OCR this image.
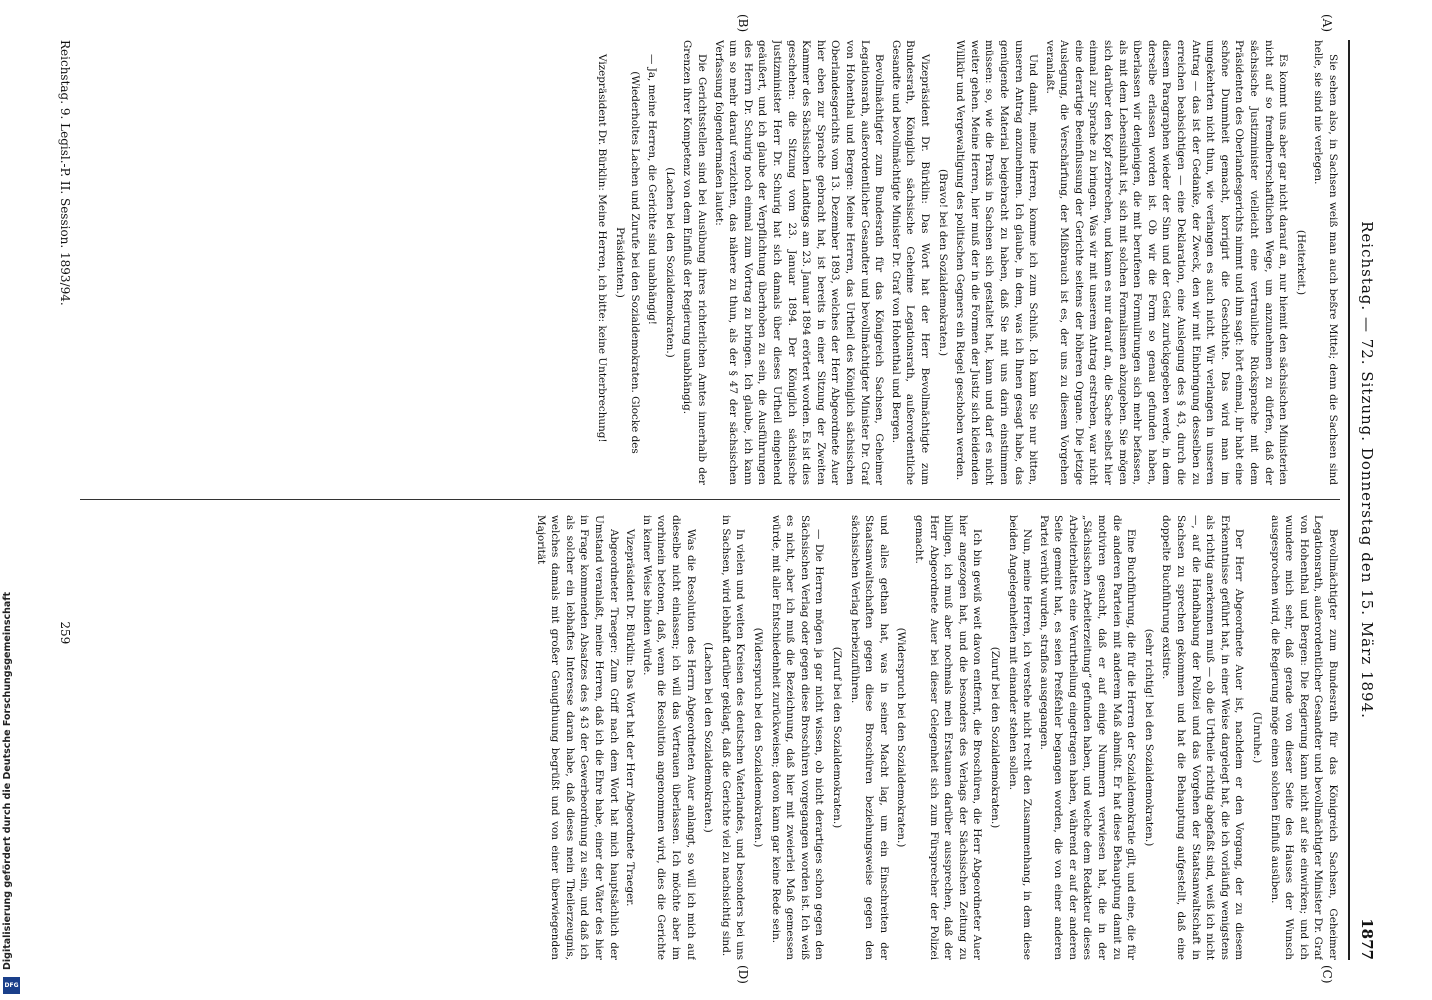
Reichstag. — 72. Sitzung. Donnerstag den 15. März 1894.
1877
(A)
(B)
(C)
(D)

Sie sehen also, in Sachsen weiß man auch beßre Mittel; denn die Sachsen sind helle, sie sind nie verlegen.

(Heiterkeit.)

Es kommt uns aber gar nicht darauf an, nur hiemit den sächsischen Ministerien nicht auf so fremdherrschaftlichen Wege, um anzunehmen zu dürfen, daß der sächsische Justizminister vielleicht eine vertrauliche Rücksprache mit dem Präsidenten des Oberlandesgerichts nimmt und ihm sagt: hört einmal, ihr habt eine schöne Dummheit gemacht, korrigirt die Geschichte. Das wird man im umgekehrten nicht thun, wie verlangen es auch nicht. Wir verlangen in unseren Antrag — das ist der Gedanke, der Zweck, den wir mit Einbringung desselben zu erreichen beabsichtigen — eine Deklaration, eine Auslegung des § 43, durch die diesem Paragraphen wieder der Sinn und der Geist zurückgegeben werde, in dem derselbe erlassen worden ist. Ob wir die Form so genau gefunden haben, überlassen wir denjenigen, die mit berufenen Formulirungen sich mehr befassen, als mit dem Lebensinhalt ist, sich mit solchen Formalismen abzugeben. Sie mögen sich darüber den Kopf zerbrechen, und kann es nur darauf an, die Sache selbst hier einmal zur Sprache zu bringen. Was wir mit unserem Antrag erstreben, war nicht eine derartige Beeinflussung der Gerichte seitens der höheren Organe. Die jetzige Auslegung, die Verschärfung, der Mißbrauch ist es, der uns zu diesem Vorgehen veranlaßt.

Und damit, meine Herren, komme ich zum Schluß. Ich kann Sie nur bitten, unseren Antrag anzunehmen. Ich glaube, in dem, was ich Ihnen gesagt habe, das genügende Material beigebracht zu haben, daß Sie mit uns darin einstimmen müssen: so, wie die Praxis in Sachsen sich gestaltet hat, kann und darf es nicht weiter gehen. Meine Herren, hier muß der in die Formen der Justiz sich kleidenden Willkür und Vergewaltigung des politischen Gegners ein Riegel geschoben werden.

(Bravo! bei den Sozialdemokraten.)

Vizepräsident Dr. Bürklin: Das Wort hat der Herr Bevollmächtigte zum Bundesrath, Königlich sächsische Geheime Legationsrath, außerordentliche Gesandte und bevollmächtigte Minister Dr. Graf von Hohenthal und Bergen.

Bevollmächtigter zum Bundesrath für das Königreich Sachsen, Geheimer Legationsrath, außerordentlicher Gesandter und bevollmächtigter Minister Dr. Graf von Hohenthal und Bergen: Meine Herren, das Urtheil des Königlich sächsischen Oberlandesgerichts vom 13. Dezember 1893, welches der Herr Abgeordnete Auer hier eben zur Sprache gebracht hat, ist bereits in einer Sitzung der Zweiten Kammer des Sächsischen Landtags am 23. Januar 1894 erörtert worden. Es ist dies geschehen: die Sitzung vom 23. Januar 1894. Der Königlich sächsische Justizminister Herr Dr. Schurig hat sich damals über dieses Urtheil eingehend geäußert, und ich glaube der Verpflichtung überhoben zu sein, die Ausführungen des Herrn Dr. Schurig noch einmal zum Vortrag zu bringen. Ich glaube, ich kann um so mehr darauf verzichten, das nähere zu thun, als der § 47 der sächsischen Verfassung folgendermaßen lautet:

Die Gerichtsstellen sind bei Ausübung ihres richterlichen Amtes innerhalb der Grenzen ihrer Kompetenz von dem Einfluß der Regierung unabhängig.

(Lachen bei den Sozialdemokraten.)

— Ja, meine Herren, die Gerichte sind unabhängig!

(Wiederholtes Lachen und Zurufe bei den Sozialdemokraten. Glocke des Präsidenten.)

Vizepräsident Dr. Bürklin: Meine Herren, ich bitte: keine Unterbrechung!

Bevollmächtigter zum Bundesrath für das Königreich Sachsen, Geheimer Legationsrath, außerordentlicher Gesandter und bevollmächtigter Minister Dr. Graf von Hohenthal und Bergen: Die Regierung kann nicht auf sie einwirken; und ich wundere mich sehr, daß gerade von dieser Seite des Hauses der Wunsch ausgesprochen wird, die Regierung möge einen solchen Einfluß ausüben.

(Unruhe.)

Der Herr Abgeordnete Auer ist, nachdem er den Vorgang, der zu diesem Erkenntnisse geführt hat, in einer Weise dargelegt hat, die ich vorläufig wenigstens als richtig anerkennen muß — ob die Urtheile richtig abgefaßt sind, weiß ich nicht —, auf die Handhabung der Polizei und das Vorgehen der Staatsanwaltschaft in Sachsen zu sprechen gekommen und hat die Behauptung aufgestellt, daß eine doppelte Buchführung existire.

(sehr richtig! bei den Sozialdemokraten.)

Eine Buchführung, die für die Herren der Sozialdemokratie gilt, und eine, die für die anderen Parteien mit anderem Maß abmißt. Er hat diese Behauptung damit zu motiviren gesucht, daß er auf einige Nummern verwiesen hat, die in der „Sächsischen Arbeiterzeitung“ gefunden haben, und welche dem Redakteur dieses Arbeiterblattes eine Verurtheilung eingetragen haben, während er auf der anderen Seite gemeint hat, es seien Preßfehler begangen worden, die von einer anderen Partei verübt wurden, straflos ausgegangen.

Nun, meine Herren, ich verstehe nicht recht den Zusammenhang, in dem diese beiden Angelegenheiten mit einander stehen sollen.

(Zuruf bei den Sozialdemokraten.)

Ich bin gewiß weit davon entfernt, die Broschüren, die Herr Abgeordneter Auer hier angezogen hat, und die besonders des Verlags der Sächsischen Zeitung zu billigen, ich muß aber nochmals mein Erstaunen darüber aussprechen, daß der Herr Abgeordnete Auer bei dieser Gelegenheit sich zum Fürsprecher der Polizei gemacht.

(Widerspruch bei den Sozialdemokraten.)

und alles gethan hat, was in seiner Macht lag, um ein Einschreiten der Staatsanwaltschaften gegen diese Broschüren beziehungsweise gegen den sächsischen Verlag herbeizuführen.

(Zuruf bei den Sozialdemokraten.)

— Die Herren mögen ja gar nicht wissen, ob nicht derartiges schon gegen den Sächsischen Verlag oder gegen diese Broschüren vorgegangen worden ist. Ich weiß es nicht, aber ich muß die Bezeichnung, daß hier mit zweierlei Maß gemessen würde, mit aller Entschiedenheit zurückweisen; davon kann gar keine Rede sein.

(Widerspruch bei den Sozialdemokraten.)

In vielen und weiten Kreisen des deutschen Vaterlandes, und besonders bei uns in Sachsen, wird lebhaft darüber geklagt, daß die Gerichte viel zu nachsichtig sind.

(Lachen bei den Sozialdemokraten.)

Was die Resolution des Herrn Abgeordneten Auer anlangt, so will ich mich auf dieselbe nicht einlassen; ich will das Vertrauen überlassen. Ich möchte aber im vorhinein betonen, daß, wenn die Resolution angenommen wird, dies die Gerichte in keiner Weise binden würde.

Vizepräsident Dr. Bürklin: Das Wort hat der Herr Abgeordnete Traeger.

Abgeordneter Traeger: Zum Griff nach dem Wort hat mich hauptsächlich der Umstand veranlaßt, meine Herren, daß ich die Ehre habe, einer der Väter des hier in Frage kommenden Absatzes des § 43 der Gewerbeordnung zu sein, und daß ich als solcher ein lebhaftes Interesse daran habe, daß dieses mein Theilerzeugnis, welches damals mit großer Genugthuung begrüßt und von einer überwiegenden Majorität

Reichstag. 9. Legisl.-P. II. Session. 1893/94.
259
Digitalisierung gefördert durch die Deutsche Forschungsgemeinschaft
DFG
